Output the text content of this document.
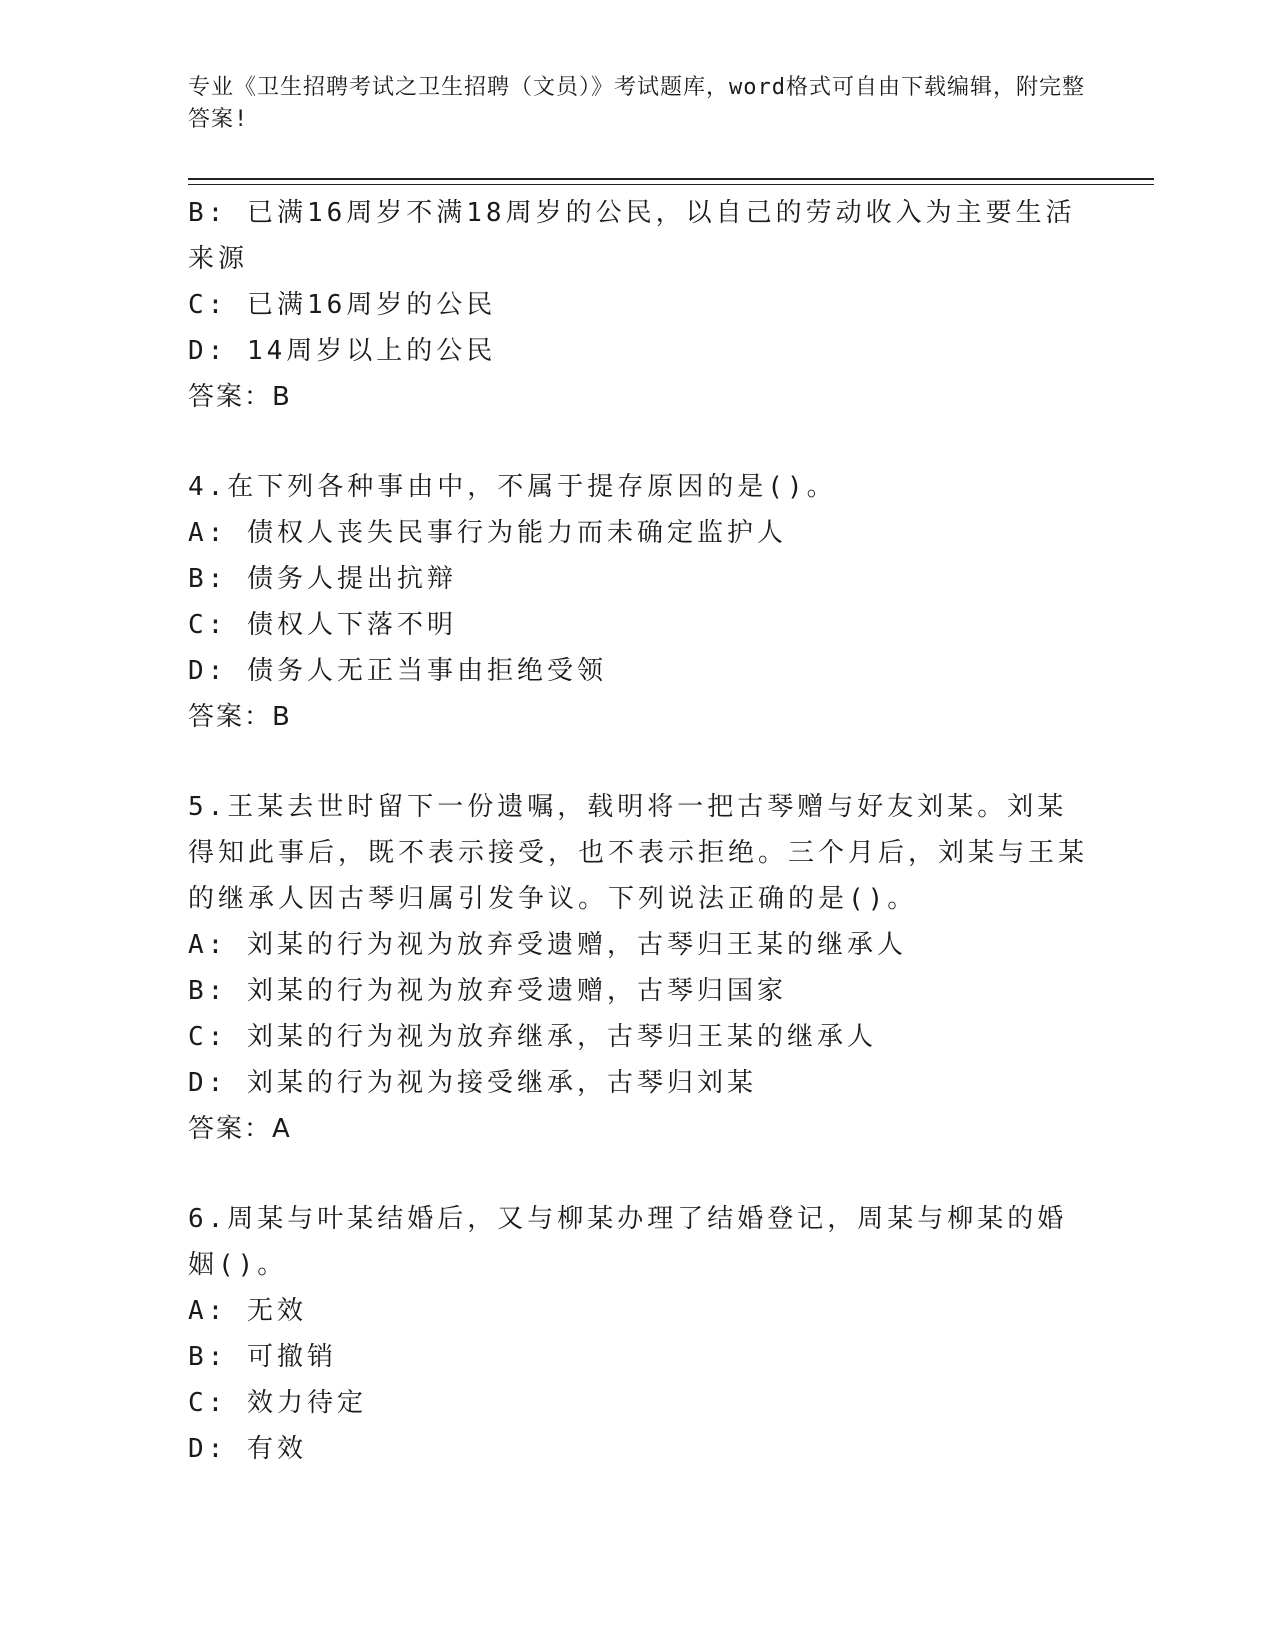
专业《卫生招聘考试之卫生招聘（文员）》考试题库，word格式可自由下载编辑，附完整答案!
B: 已满16周岁不满18周岁的公民，以自己的劳动收入为主要生活来源
C: 已满16周岁的公民
D: 14周岁以上的公民
答案：B
4.在下列各种事由中，不属于提存原因的是()。
A: 债权人丧失民事行为能力而未确定监护人
B: 债务人提出抗辩
C: 债权人下落不明
D: 债务人无正当事由拒绝受领
答案：B
5.王某去世时留下一份遗嘱，载明将一把古琴赠与好友刘某。刘某得知此事后，既不表示接受，也不表示拒绝。三个月后，刘某与王某的继承人因古琴归属引发争议。下列说法正确的是()。
A: 刘某的行为视为放弃受遗赠，古琴归王某的继承人
B: 刘某的行为视为放弃受遗赠，古琴归国家
C: 刘某的行为视为放弃继承，古琴归王某的继承人
D: 刘某的行为视为接受继承，古琴归刘某
答案：A
6.周某与叶某结婚后，又与柳某办理了结婚登记，周某与柳某的婚姻()。
A: 无效
B: 可撤销
C: 效力待定
D: 有效
